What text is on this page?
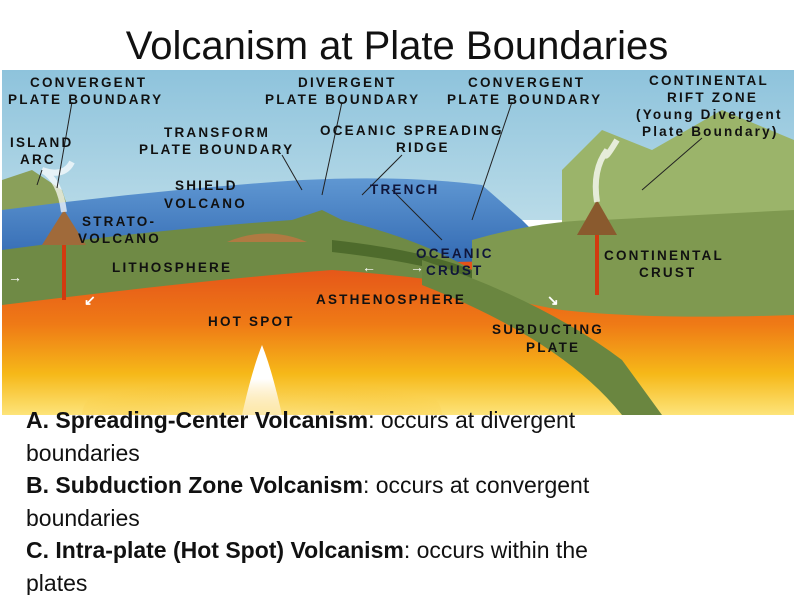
Volcanism at Plate Boundaries
→
← →
↙	↘
CONVERGENT
PLATE BOUNDARY
DIVERGENT
PLATE BOUNDARY
CONVERGENT
PLATE BOUNDARY
CONTINENTAL
RIFT ZONE
(Young Divergent
Plate Boundary)
ISLAND
ARC
TRANSFORM
PLATE BOUNDARY
OCEANIC SPREADING
RIDGE
SHIELD
VOLCANO
TRENCH
STRATO-
VOLCANO
OCEANIC
CRUST
CONTINENTAL
CRUST
LITHOSPHERE
ASTHENOSPHERE
HOT SPOT
SUBDUCTING
PLATE
A. Spreading-Center Volcanism: occurs at divergent
boundaries
B. Subduction Zone Volcanism: occurs at convergent
boundaries
C. Intra-plate (Hot Spot) Volcanism: occurs within the
plates
